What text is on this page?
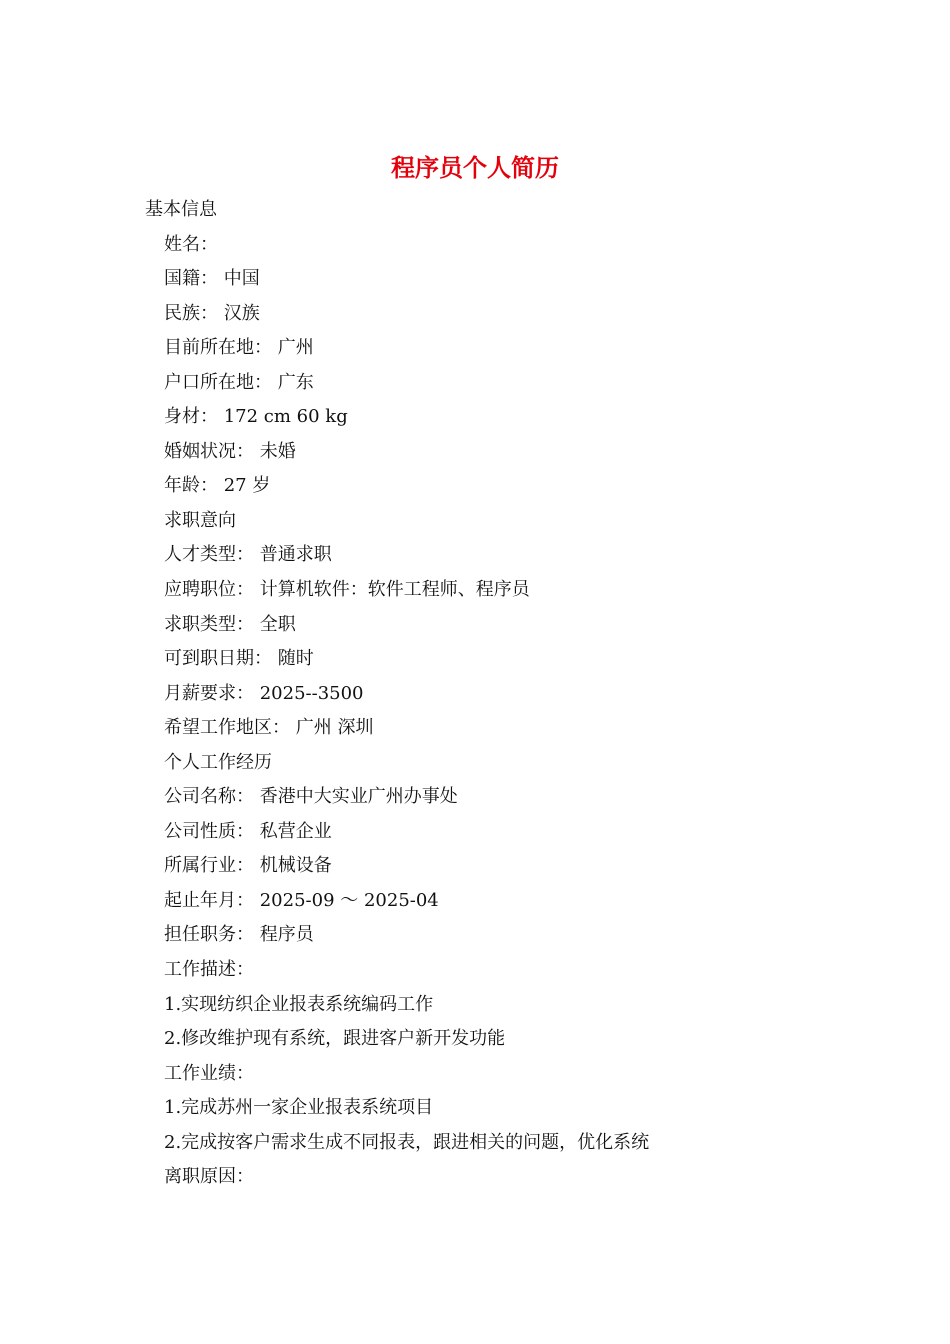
程序员个人简历
基本信息
姓名：
国籍： 中国
民族： 汉族
目前所在地： 广州
户口所在地： 广东
身材： 172 cm 60 kg
婚姻状况： 未婚
年龄： 27 岁
求职意向
人才类型： 普通求职
应聘职位： 计算机软件：软件工程师、程序员
求职类型： 全职
可到职日期： 随时
月薪要求： 2025--3500
希望工作地区： 广州 深圳
个人工作经历
公司名称： 香港中大实业广州办事处
公司性质： 私营企业
所属行业： 机械设备
起止年月： 2025-09 ～ 2025-04
担任职务： 程序员
工作描述：
1.实现纺织企业报表系统编码工作
2.修改维护现有系统，跟进客户新开发功能
工作业绩：
1.完成苏州一家企业报表系统项目
2.完成按客户需求生成不同报表，跟进相关的问题，优化系统
离职原因：
